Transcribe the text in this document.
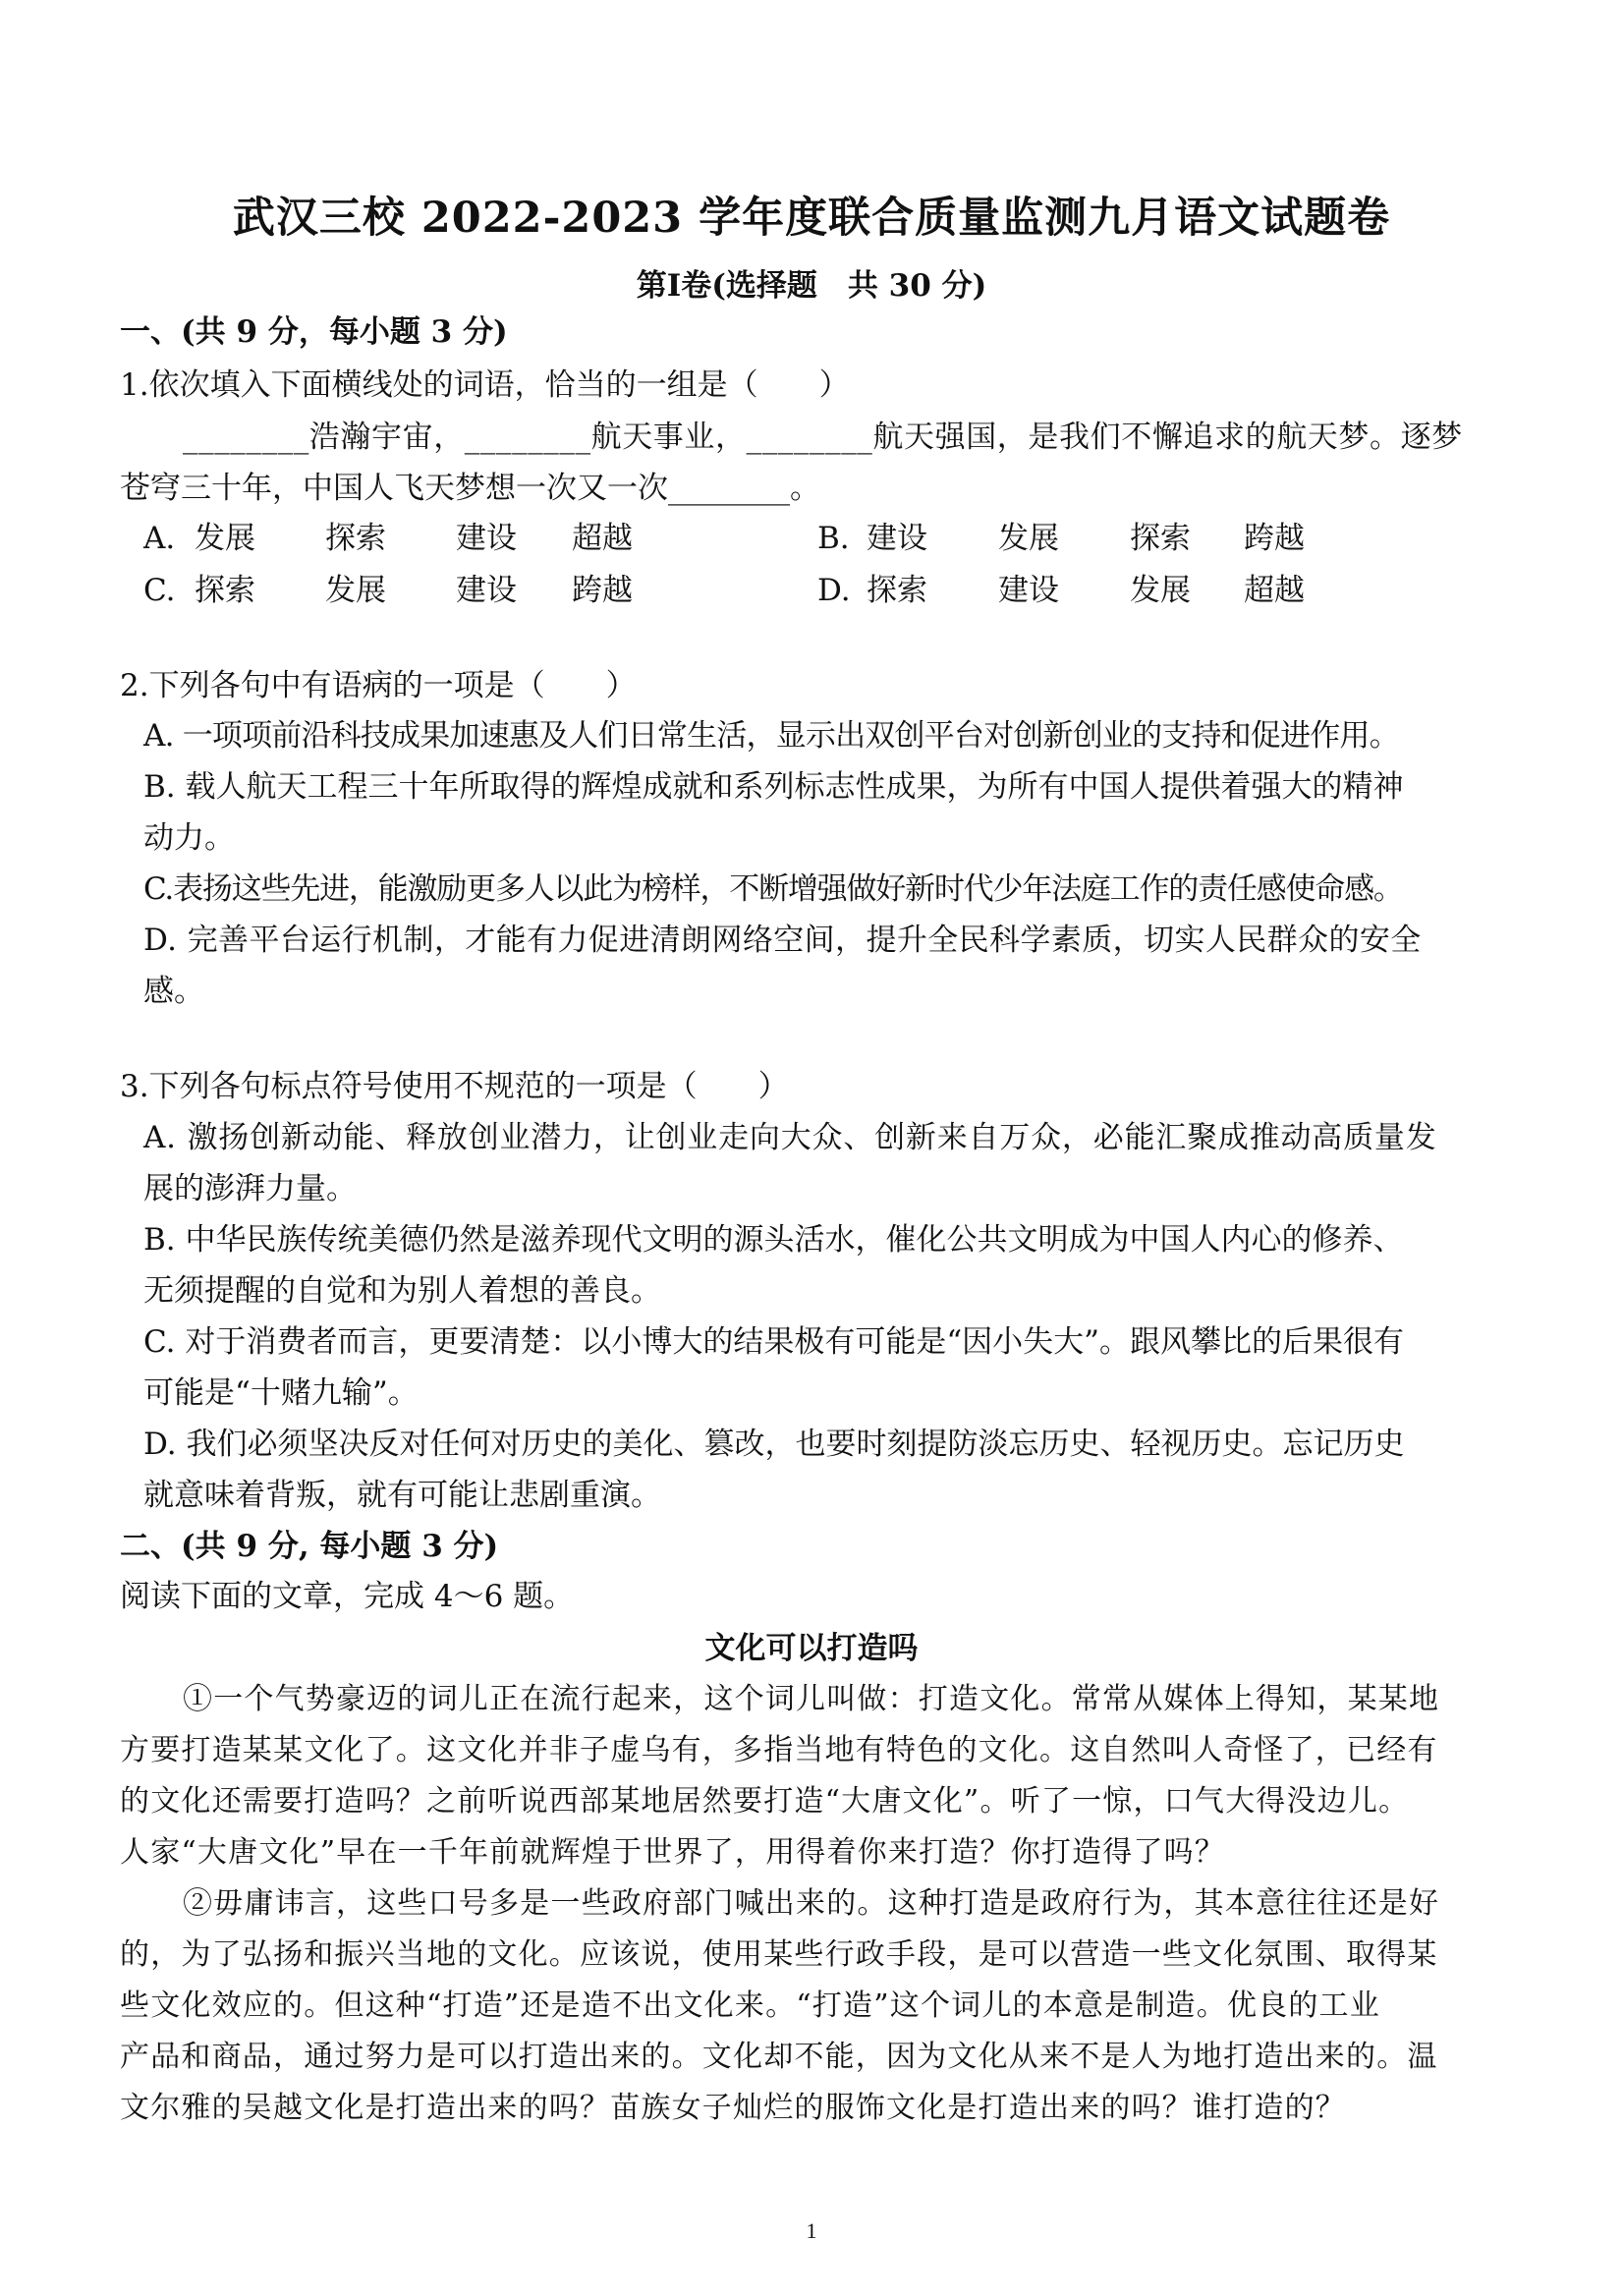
武汉三校 2022-2023 学年度联合质量监测九月语文试题卷
第Ⅰ卷(选择题　共 30 分)
一、(共 9 分，每小题 3 分)
1.依次填入下面横线处的词语，恰当的一组是（　　）
________浩瀚宇宙，________航天事业，________航天强国，是我们不懈追求的航天梦。逐梦
苍穹三十年，中国人飞天梦想一次又一次________。
A. 发展 探索 建设 超越	B. 建设 发展 探索 跨越
C. 探索 发展 建设 跨越	D. 探索 建设 发展 超越
2.下列各句中有语病的一项是（　　）
A. 一项项前沿科技成果加速惠及人们日常生活，显示出双创平台对创新创业的支持和促进作用。
B. 载人航天工程三十年所取得的辉煌成就和系列标志性成果，为所有中国人提供着强大的精神
动力。
C.表扬这些先进，能激励更多人以此为榜样，不断增强做好新时代少年法庭工作的责任感使命感。
D. 完善平台运行机制，才能有力促进清朗网络空间，提升全民科学素质，切实人民群众的安全
感。
3.下列各句标点符号使用不规范的一项是（　　）
A. 激扬创新动能、释放创业潜力，让创业走向大众、创新来自万众，必能汇聚成推动高质量发
展的澎湃力量。
B. 中华民族传统美德仍然是滋养现代文明的源头活水，催化公共文明成为中国人内心的修养、
无须提醒的自觉和为别人着想的善良。
C. 对于消费者而言，更要清楚：以小博大的结果极有可能是“因小失大”。跟风攀比的后果很有
可能是“十赌九输”。
D. 我们必须坚决反对任何对历史的美化、篡改，也要时刻提防淡忘历史、轻视历史。忘记历史
就意味着背叛，就有可能让悲剧重演。
二、(共 9 分, 每小题 3 分)
阅读下面的文章，完成 4～6 题。
文化可以打造吗
①一个气势豪迈的词儿正在流行起来，这个词儿叫做：打造文化。常常从媒体上得知，某某地
方要打造某某文化了。这文化并非子虚乌有，多指当地有特色的文化。这自然叫人奇怪了，已经有
的文化还需要打造吗？之前听说西部某地居然要打造“大唐文化”。听了一惊，口气大得没边儿。
人家“大唐文化”早在一千年前就辉煌于世界了，用得着你来打造？你打造得了吗？
②毋庸讳言，这些口号多是一些政府部门喊出来的。这种打造是政府行为，其本意往往还是好
的，为了弘扬和振兴当地的文化。应该说，使用某些行政手段，是可以营造一些文化氛围、取得某
些文化效应的。但这种“打造”还是造不出文化来。“打造”这个词儿的本意是制造。优良的工业
产品和商品，通过努力是可以打造出来的。文化却不能，因为文化从来不是人为地打造出来的。温
文尔雅的吴越文化是打造出来的吗？苗族女子灿烂的服饰文化是打造出来的吗？谁打造的？
1
